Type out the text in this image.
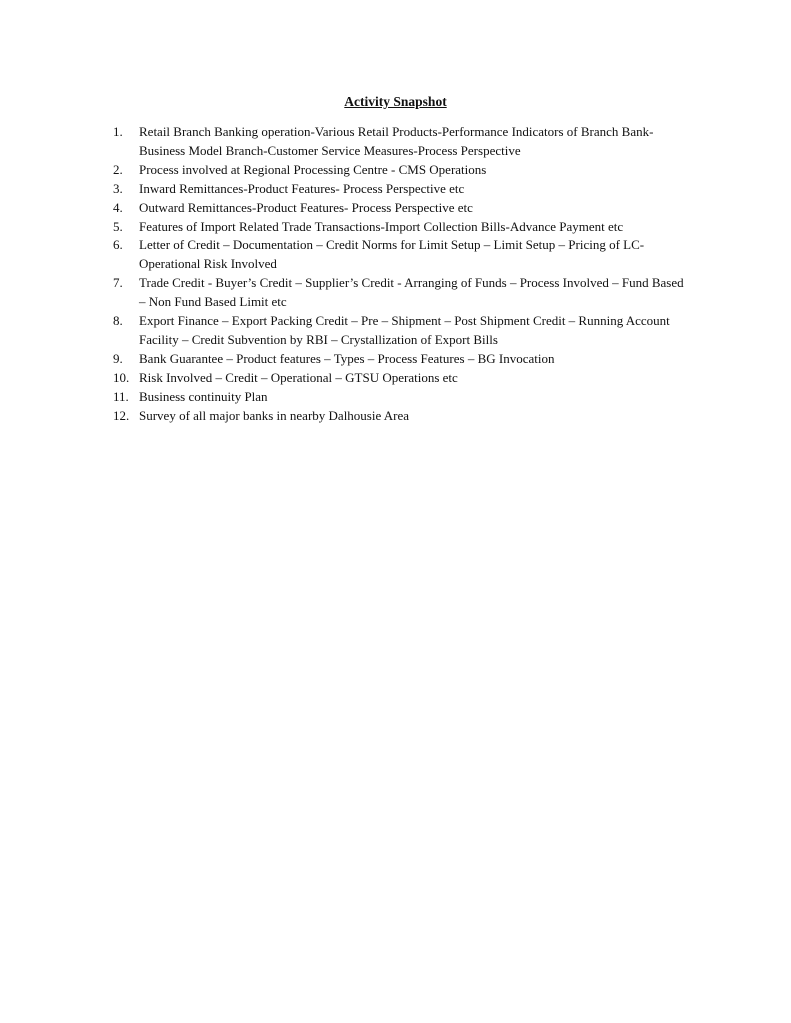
Activity Snapshot
1.	Retail Branch Banking operation-Various Retail Products-Performance Indicators of Branch Bank-Business Model Branch-Customer Service Measures-Process Perspective
2.	Process involved at Regional Processing Centre - CMS Operations
3.	Inward Remittances-Product Features- Process Perspective etc
4.	Outward Remittances-Product Features- Process Perspective etc
5.	Features of Import Related Trade Transactions-Import Collection Bills-Advance Payment etc
6.	Letter of Credit – Documentation – Credit Norms for Limit Setup – Limit Setup – Pricing of LC-Operational Risk Involved
7.	Trade Credit - Buyer’s Credit – Supplier’s Credit - Arranging of Funds – Process Involved – Fund Based – Non Fund Based Limit etc
8.	Export Finance – Export Packing Credit – Pre – Shipment – Post Shipment Credit – Running Account Facility – Credit Subvention by RBI – Crystallization of Export Bills
9.	Bank Guarantee – Product features – Types – Process Features – BG Invocation
10. Risk Involved – Credit – Operational – GTSU Operations etc
11. Business continuity Plan
12. Survey of all major banks in nearby Dalhousie Area
